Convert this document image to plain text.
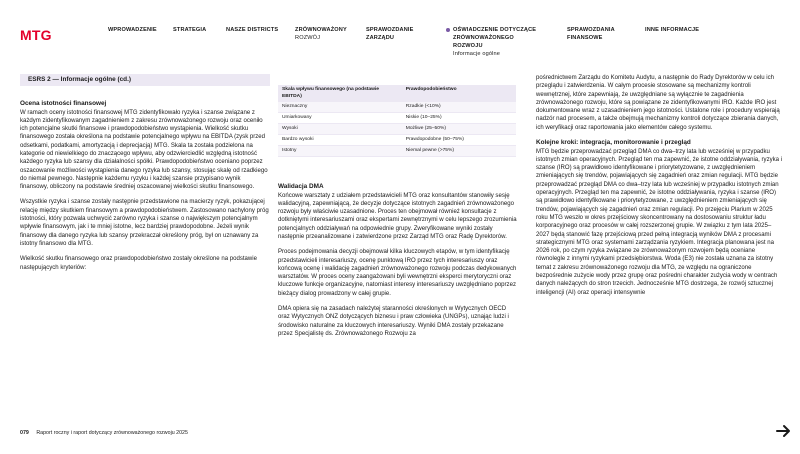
MTG	WPROWADZENIE	STRATEGIA	NASZE DISTRICTS	ZRÓWNOWAŻONY
ROZWÓJ
SPRAWOZDANIE
ZARZĄDU
OŚWIADCZENIE DOTYCZĄCE
ZRÓWNOWAŻONEGO
ROZWOJU
Informacje ogólne
SPRAWOZDANIA
FINANSOWE
INNE INFORMACJE
ESRS 2 — Informacje ogólne (cd.)
Ocena istotności finansowej

W ramach oceny istotności finansowej MTG zidentyfikowało ryzyka i szanse związane z każdym zidentyfikowanym zagadnieniem z zakresu zrównoważonego rozwoju oraz oceniło ich potencjalne skutki finansowe i prawdopodobieństwo wystąpienia. Wielkość skutku finansowego została określona na podstawie potencjalnego wpływu na EBITDA (zysk przed odsetkami, podatkami, amortyzacją i deprecjacją) MTG. Skala ta została podzielona na kategorie od niewielkiego do znaczącego wpływu, aby odzwierciedlić względną istotność każdego ryzyka lub szansy dla działalności spółki. Prawdopodobieństwo oceniano poprzez oszacowanie możliwości wystąpienia danego ryzyka lub szansy, stosując skalę od rzadkiego do niemal pewnego. Następnie każdemu ryzyku i każdej szansie przypisano wynik finansowy, obliczony na podstawie średniej oszacowanej wielkości skutku finansowego.

Wszystkie ryzyka i szanse zostały następnie przedstawione na macierzy ryzyk, pokazującej relację między skutkiem finansowym a prawdopodobieństwem. Zastosowano nachylony próg istotności, który pozwala uchwycić zarówno ryzyka i szanse o największym potencjalnym wpływie finansowym, jak i te mniej istotne, lecz bardziej prawdopodobne. Jeżeli wynik finansowy dla danego ryzyka lub szansy przekraczał określony próg, był on uznawany za istotny finansowo dla MTG.

Wielkość skutku finansowego oraz prawdopodobieństwo zostały określone na podstawie następujących kryteriów:

Skala wpływu finansowego (na podstawie EBITDA)	Prawdopodobieństwo
Nieznaczny	Rzadkie (<10%)
Umiarkowany	Niskie (10–25%)
Wysoki	Możliwe (25–50%)
Bardzo wysoki	Prawdopodobne (50–75%)
Istotny	Niemal pewne (>75%)
Walidacja DMA

Końcowe warsztaty z udziałem przedstawicieli MTG oraz konsultantów stanowiły sesję walidacyjną, zapewniającą, że decyzje dotyczące istotnych zagadnień zrównoważonego rozwoju były właściwie uzasadnione. Proces ten obejmował również konsultacje z dotkniętymi interesariuszami oraz ekspertami zewnętrznymi w celu lepszego zrozumienia potencjalnych oddziaływań na odpowiednie grupy. Zweryfikowane wyniki zostały następnie przeanalizowane i zatwierdzone przez Zarząd MTG oraz Radę Dyrektorów.

Proces podejmowania decyzji obejmował kilka kluczowych etapów, w tym identyfikację przedstawicieli interesariuszy, ocenę punktową IRO przez tych interesariuszy oraz końcową ocenę i walidację zagadnień zrównoważonego rozwoju podczas dedykowanych warsztatów. W proces oceny zaangażowani byli wewnętrzni eksperci merytoryczni oraz kluczowe funkcje organizacyjne, natomiast interesy interesariuszy uwzględniano poprzez bieżący dialog prowadzony w całej grupie.

DMA opiera się na zasadach należytej staranności określonych w Wytycznych OECD oraz Wytycznych ONZ dotyczących biznesu i praw człowieka (UNGPs), uznając ludzi i środowisko naturalne za kluczowych interesariuszy. Wyniki DMA zostały przekazane przez Specjalistę ds. Zrównoważonego Rozwoju za

pośrednictwem Zarządu do Komitetu Audytu, a następnie do Rady Dyrektorów w celu ich przeglądu i zatwierdzenia. W całym procesie stosowane są mechanizmy kontroli wewnętrznej, które zapewniają, że uwzględniane są wyłącznie te zagadnienia zrównoważonego rozwoju, które są powiązane ze zidentyfikowanymi IRO. Każde IRO jest dokumentowane wraz z uzasadnieniem jego istotności. Ustalone role i procedury wspierają nadzór nad procesem, a także obejmują mechanizmy kontroli dotyczące zbierania danych, ich weryfikacji oraz raportowania jako elementów całego systemu.

Kolejne kroki: integracja, monitorowanie i przegląd

MTG będzie przeprowadzać przegląd DMA co dwa–trzy lata lub wcześniej w przypadku istotnych zmian operacyjnych. Przegląd ten ma zapewnić, że istotne oddziaływania, ryzyka i szanse (IRO) są prawidłowo identyfikowane i priorytetyzowane, z uwzględnieniem zmieniających się trendów, pojawiających się zagadnień oraz zmian regulacji. MTG będzie przeprowadzać przegląd DMA co dwa–trzy lata lub wcześniej w przypadku istotnych zmian operacyjnych. Przegląd ten ma zapewnić, że istotne oddziaływania, ryzyka i szanse (IRO) są prawidłowo identyfikowane i priorytetyzowane, z uwzględnieniem zmieniających się trendów, pojawiających się zagadnień oraz zmian regulacji. Po przejęciu Plarium w 2025 roku MTG weszło w okres przejściowy skoncentrowany na dostosowaniu struktur ładu korporacyjnego oraz procesów w całej rozszerzonej grupie. W związku z tym lata 2025–2027 będą stanowić fazę przejściową przed pełną integracją wyników DMA z procesami strategicznymi MTG oraz systemami zarządzania ryzykiem. Integracja planowana jest na 2026 rok, po czym ryzyka związane ze zrównoważonym rozwojem będą oceniane równolegle z innymi ryzykami przedsiębiorstwa. Woda (E3) nie została uznana za istotny temat z zakresu zrównoważonego rozwoju dla MTG, ze względu na ograniczone bezpośrednie zużycie wody przez grupę oraz pośredni charakter zużycia wody w centrach danych należących do stron trzecich. Jednocześnie MTG dostrzega, że rozwój sztucznej inteligencji (AI) oraz operacji intensywnie

079 Raport roczny i raport dotyczący zrównoważonego rozwoju 2025
